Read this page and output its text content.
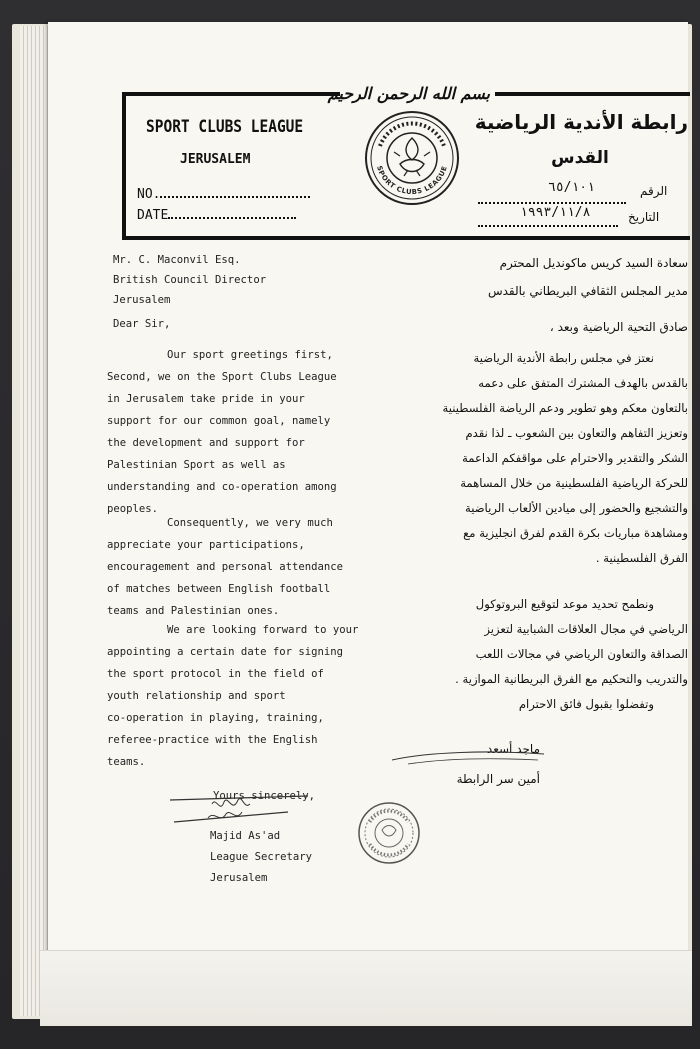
بسم الله الرحمن الرحيم
SPORT CLUBS LEAGUE
JERUSALEM
NO.
DATE
رابطة الأندية الرياضية
القدس
الرقم
التاريخ
٦٥/١٠١
١٩٩٣/١١/٨
SPORT CLUBS LEAGUE
Mr. C. Maconvil Esq.
British Council Director
Jerusalem
Dear Sir,
Our sport greetings first,
Second, we on the Sport Clubs League
in Jerusalem take pride in your
support for our common goal, namely
the development and support for
Palestinian Sport as well as
understanding and co-operation among
peoples.
Consequently, we very much
appreciate your participations,
encouragement and personal attendance
of matches between English football
teams and Palestinian ones.
We are looking forward to your
appointing a certain date for signing
the sport protocol in the field of
youth relationship and sport
co-operation in playing, training,
referee-practice with the English
teams.
Yours sincerely,
Majid As'ad
League Secretary
Jerusalem
سعادة السيد كريس ماكونديل المحترم
مدير المجلس الثقافي البريطاني بالقدس
صادق التحية الرياضية وبعد ،
نعتز في مجلس رابطة الأندية الرياضية
بالقدس بالهدف المشترك المتفق على دعمه
بالتعاون معكم وهو تطوير ودعم الرياضة الفلسطينية
وتعزيز التفاهم والتعاون بين الشعوب ـ لذا نقدم
الشكر والتقدير والاحترام على مواقفكم الداعمة
للحركة الرياضية الفلسطينية من خلال المساهمة
والتشجيع والحضور إلى ميادين الألعاب الرياضية
ومشاهدة مباريات بكرة القدم لفرق انجليزية مع
الفرق الفلسطينية .
ونطمح تحديد موعد لتوقيع البروتوكول
الرياضي في مجال العلاقات الشبابية لتعزيز
الصداقة والتعاون الرياضي في مجالات اللعب
والتدريب والتحكيم مع الفرق البريطانية الموازية .
وتفضلوا بقبول فائق الاحترام
ماجد أسعد
أمين سر الرابطة
